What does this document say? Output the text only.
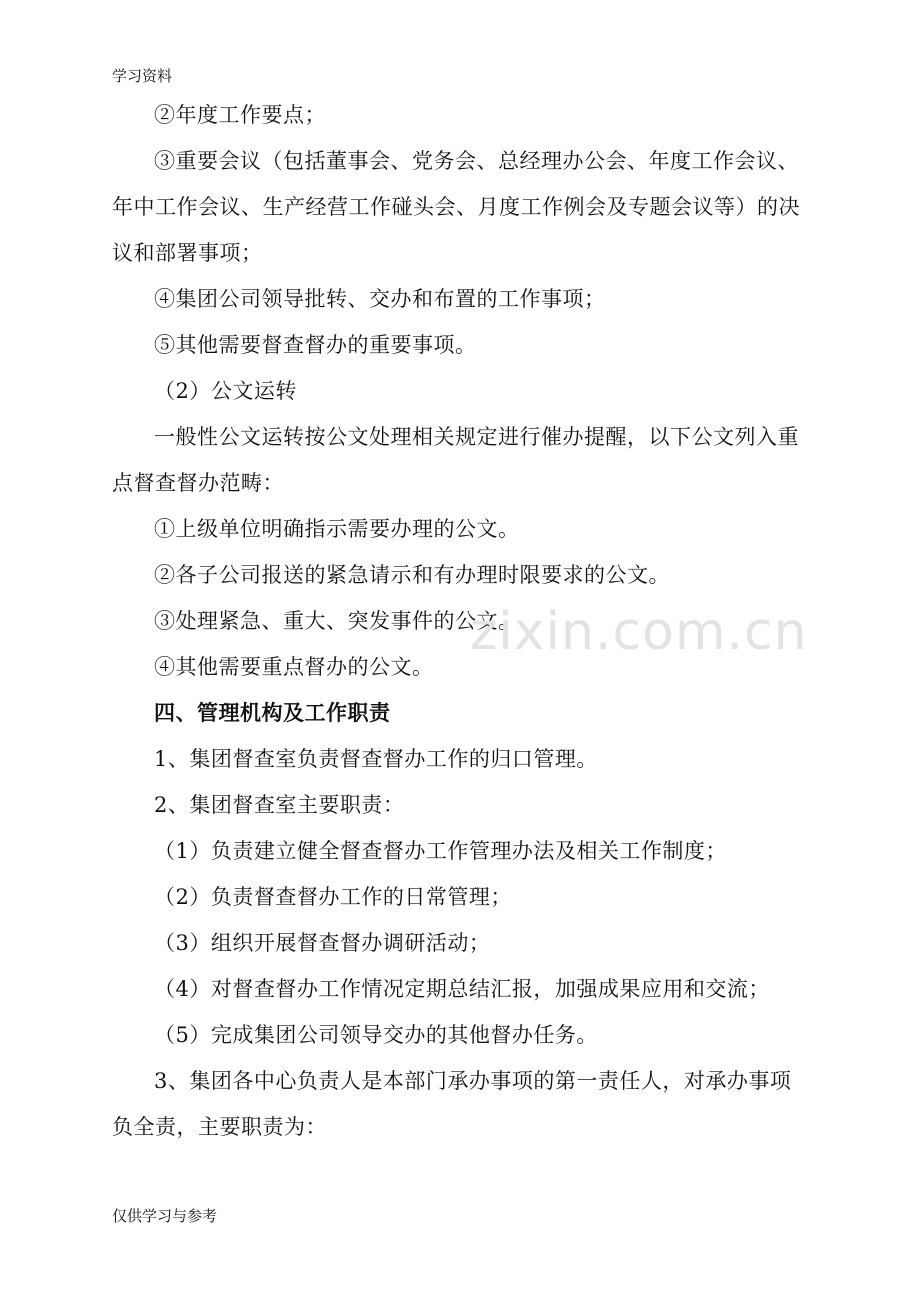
学习资料

②年度工作要点；

③重要会议（包括董事会、党务会、总经理办公会、年度工作会议、年中工作会议、生产经营工作碰头会、月度工作例会及专题会议等）的决议和部署事项；

④集团公司领导批转、交办和布置的工作事项；

⑤其他需要督查督办的重要事项。

（2）公文运转

一般性公文运转按公文处理相关规定进行催办提醒，以下公文列入重点督查督办范畴：

①上级单位明确指示需要办理的公文。

②各子公司报送的紧急请示和有办理时限要求的公文。

③处理紧急、重大、突发事件的公文。

④其他需要重点督办的公文。

四、管理机构及工作职责

1、集团督查室负责督查督办工作的归口管理。

2、集团督查室主要职责：

（1）负责建立健全督查督办工作管理办法及相关工作制度；

（2）负责督查督办工作的日常管理；

（3）组织开展督查督办调研活动；

（4）对督查督办工作情况定期总结汇报，加强成果应用和交流；

（5）完成集团公司领导交办的其他督办任务。

3、集团各中心负责人是本部门承办事项的第一责任人，对承办事项负全责，主要职责为：

zixin.com.cn
仅供学习与参考
